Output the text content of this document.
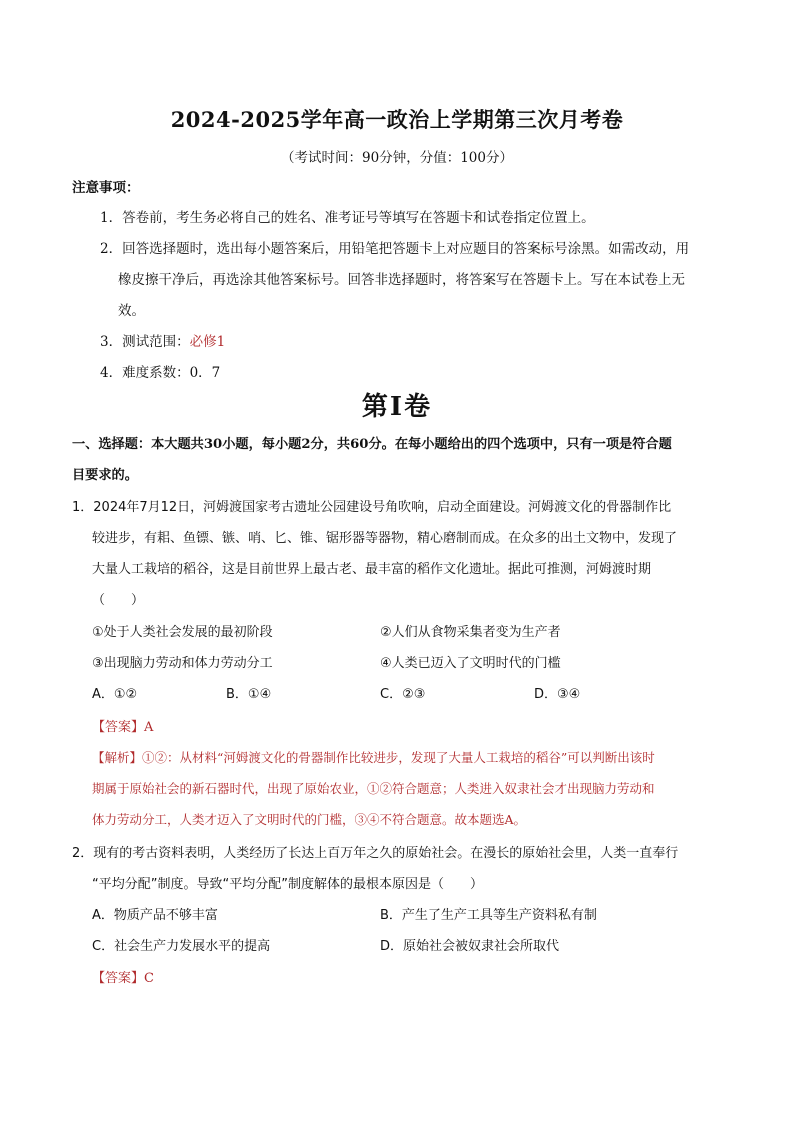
2024-2025学年高一政治上学期第三次月考卷
（考试时间：90分钟，分值：100分）
注意事项：
1．答卷前，考生务必将自己的姓名、准考证号等填写在答题卡和试卷指定位置上。
2．回答选择题时，选出每小题答案后，用铅笔把答题卡上对应题目的答案标号涂黑。如需改动，用
橡皮擦干净后，再选涂其他答案标号。回答非选择题时，将答案写在答题卡上。写在本试卷上无
效。
3．测试范围：必修1
4．难度系数：0．7
第Ⅰ卷
一、选择题：本大题共30小题，每小题2分，共60分。在每小题给出的四个选项中，只有一项是符合题
目要求的。
1．2024年7月12日，河姆渡国家考古遗址公园建设号角吹响，启动全面建设。河姆渡文化的骨器制作比
较进步，有耜、鱼镖、镞、哨、匕、锥、锯形器等器物，精心磨制而成。在众多的出土文物中，发现了
大量人工栽培的稻谷，这是目前世界上最古老、最丰富的稻作文化遗址。据此可推测，河姆渡时期
（　　）
①处于人类社会发展的最初阶段	②人们从食物采集者变为生产者
③出现脑力劳动和体力劳动分工	④人类已迈入了文明时代的门槛
A．①②	B．①④	C．②③	D．③④
【答案】A
【解析】①②：从材料“河姆渡文化的骨器制作比较进步，发现了大量人工栽培的稻谷”可以判断出该时
期属于原始社会的新石器时代，出现了原始农业，①②符合题意；人类进入奴隶社会才出现脑力劳动和
体力劳动分工，人类才迈入了文明时代的门槛，③④不符合题意。故本题选A。
2．现有的考古资料表明，人类经历了长达上百万年之久的原始社会。在漫长的原始社会里，人类一直奉行
“平均分配”制度。导致“平均分配”制度解体的最根本原因是（　　）
A．物质产品不够丰富	B．产生了生产工具等生产资料私有制
C．社会生产力发展水平的提高	D．原始社会被奴隶社会所取代
【答案】C
